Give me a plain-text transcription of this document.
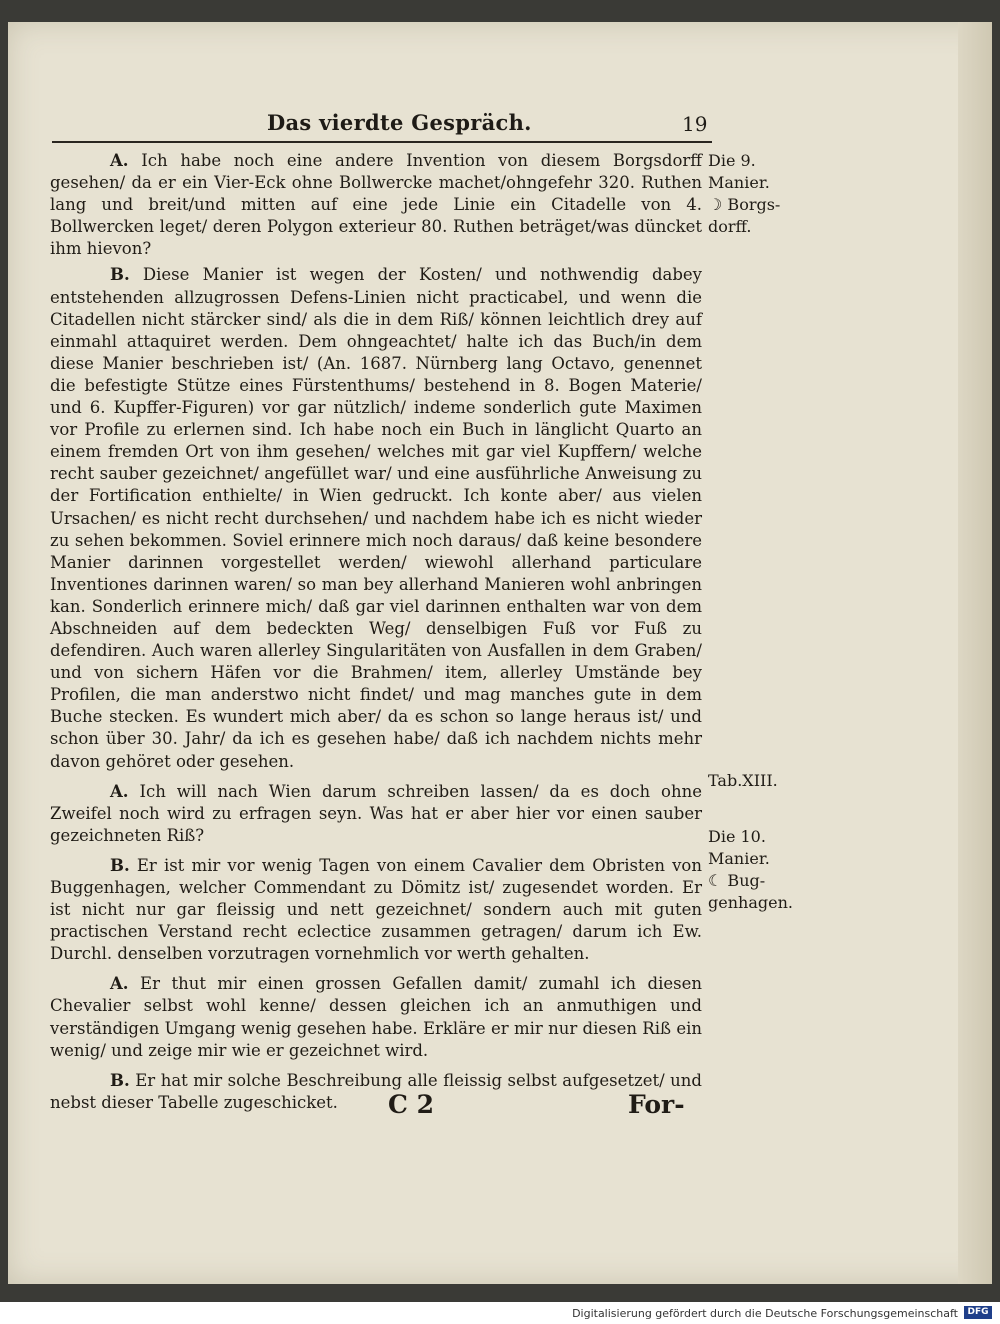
Das vierdte Gespräch.	19

A. Ich habe noch eine andere Invention von diesem Borgsdorff gesehen/ da er ein Vier-Eck ohne Bollwercke machet/ohngefehr 320. Ruthen lang und breit/und mitten auf eine jede Linie ein Citadelle von 4. Bollwercken leget/ deren Polygon exterieur 80. Ruthen beträget/was düncket ihm hievon?

B. Diese Manier ist wegen der Kosten/ und nothwendig dabey entstehenden allzugrossen Defens-Linien nicht practicabel, und wenn die Citadellen nicht stärcker sind/ als die in dem Riß/ können leichtlich drey auf einmahl attaquiret werden. Dem ohngeachtet/ halte ich das Buch/in dem diese Manier beschrieben ist/ (An. 1687. Nürnberg lang Octavo, genennet die befestigte Stütze eines Fürstenthums/ bestehend in 8. Bogen Materie/ und 6. Kupffer-Figuren) vor gar nützlich/ indeme sonderlich gute Maximen vor Profile zu erlernen sind. Ich habe noch ein Buch in länglicht Quarto an einem fremden Ort von ihm gesehen/ welches mit gar viel Kupffern/ welche recht sauber gezeichnet/ angefüllet war/ und eine ausführliche Anweisung zu der Fortification enthielte/ in Wien gedruckt. Ich konte aber/ aus vielen Ursachen/ es nicht recht durchsehen/ und nachdem habe ich es nicht wieder zu sehen bekommen. Soviel erinnere mich noch daraus/ daß keine besondere Manier darinnen vorgestellet werden/ wiewohl allerhand particulare Inventiones darinnen waren/ so man bey allerhand Manieren wohl anbringen kan. Sonderlich erinnere mich/ daß gar viel darinnen enthalten war von dem Abschneiden auf dem bedeckten Weg/ denselbigen Fuß vor Fuß zu defendiren. Auch waren allerley Singularitäten von Ausfallen in dem Graben/ und von sichern Häfen vor die Brahmen/ item, allerley Umstände bey Profilen, die man anderstwo nicht findet/ und mag manches gute in dem Buche stecken. Es wundert mich aber/ da es schon so lange heraus ist/ und schon über 30. Jahr/ da ich es gesehen habe/ daß ich nachdem nichts mehr davon gehöret oder gesehen.

A. Ich will nach Wien darum schreiben lassen/ da es doch ohne Zweifel noch wird zu erfragen seyn. Was hat er aber hier vor einen sauber gezeichneten Riß?

B. Er ist mir vor wenig Tagen von einem Cavalier dem Obristen von Buggenhagen, welcher Commendant zu Dömitz ist/ zugesendet worden. Er ist nicht nur gar fleissig und nett gezeichnet/ sondern auch mit guten practischen Verstand recht eclectice zusammen getragen/ darum ich Ew. Durchl. denselben vorzutragen vornehmlich vor werth gehalten.

A. Er thut mir einen grossen Gefallen damit/ zumahl ich diesen Chevalier selbst wohl kenne/ dessen gleichen ich an anmuthigen und verständigen Umgang wenig gesehen habe. Erkläre er mir nur diesen Riß ein wenig/ und zeige mir wie er gezeichnet wird.

B. Er hat mir solche Beschreibung alle fleissig selbst aufgesetzet/ und nebst dieser Tabelle zugeschicket.

Die 9.
Manier.
☽ Borgs-
dorff.
Tab.XIII.
Die 10.
Manier.
☾ Bug-
genhagen.
C 2	For-
Digitalisierung gefördert durch die Deutsche Forschungsgemeinschaft	DFG
